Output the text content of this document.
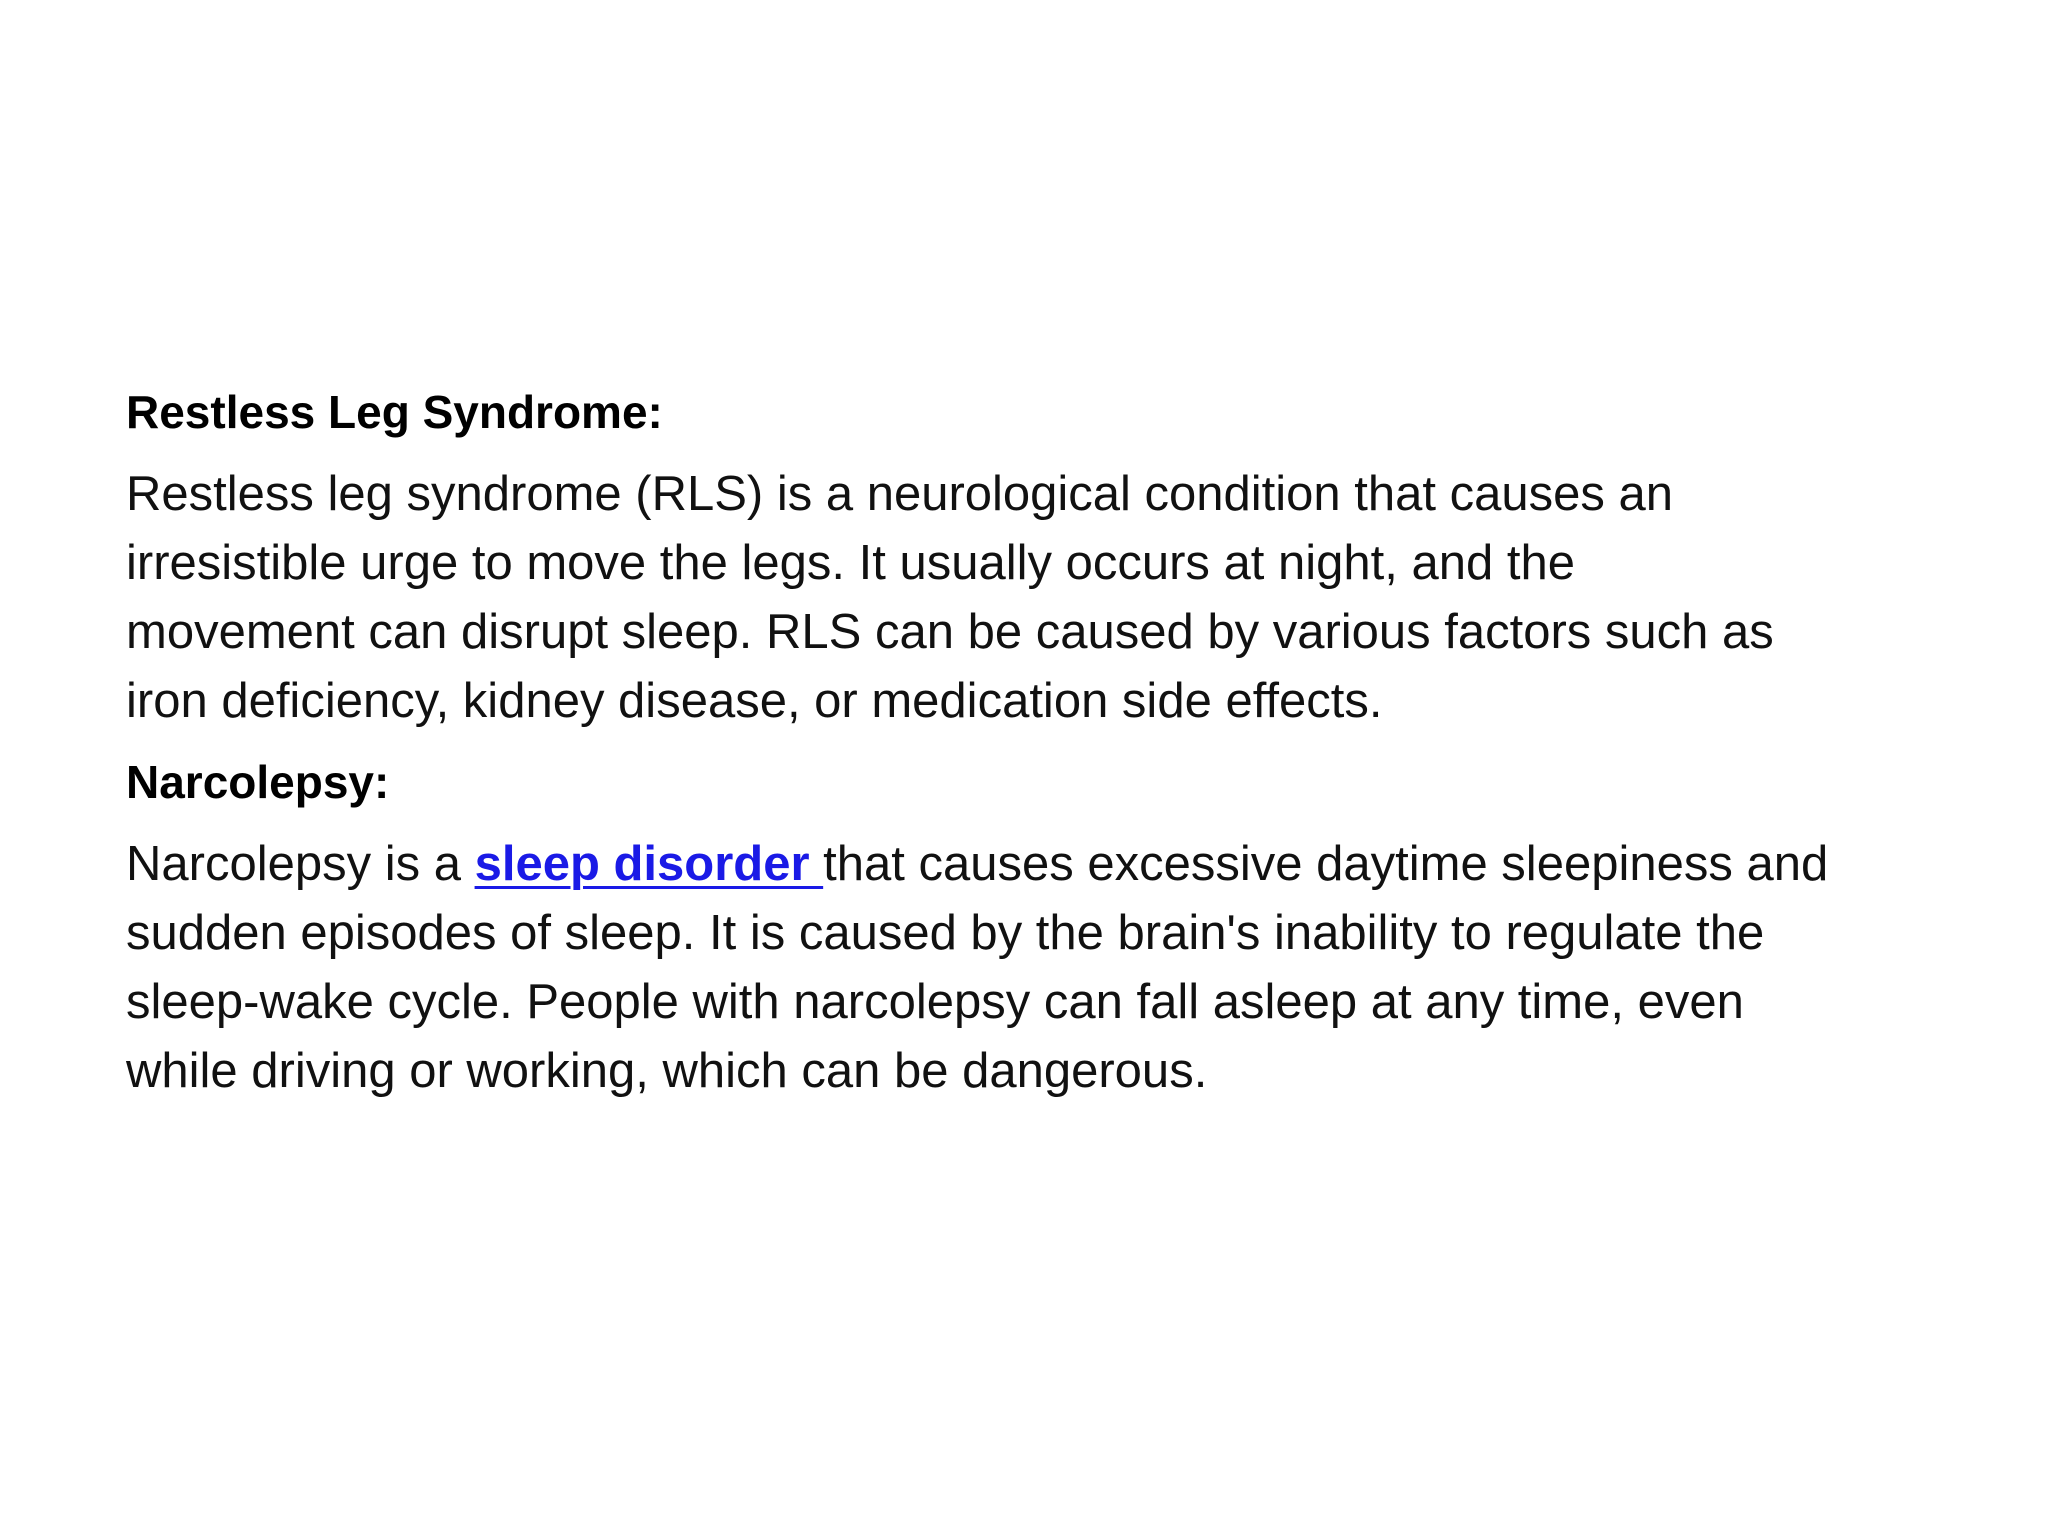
Restless Leg Syndrome:
Restless leg syndrome (RLS) is a neurological condition that causes an
irresistible urge to move the legs. It usually occurs at night, and the
movement can disrupt sleep. RLS can be caused by various factors such as
iron deficiency, kidney disease, or medication side effects.
Narcolepsy:
Narcolepsy is a sleep disorder that causes excessive daytime sleepiness and
sudden episodes of sleep. It is caused by the brain's inability to regulate the
sleep-wake cycle. People with narcolepsy can fall asleep at any time, even
while driving or working, which can be dangerous.
